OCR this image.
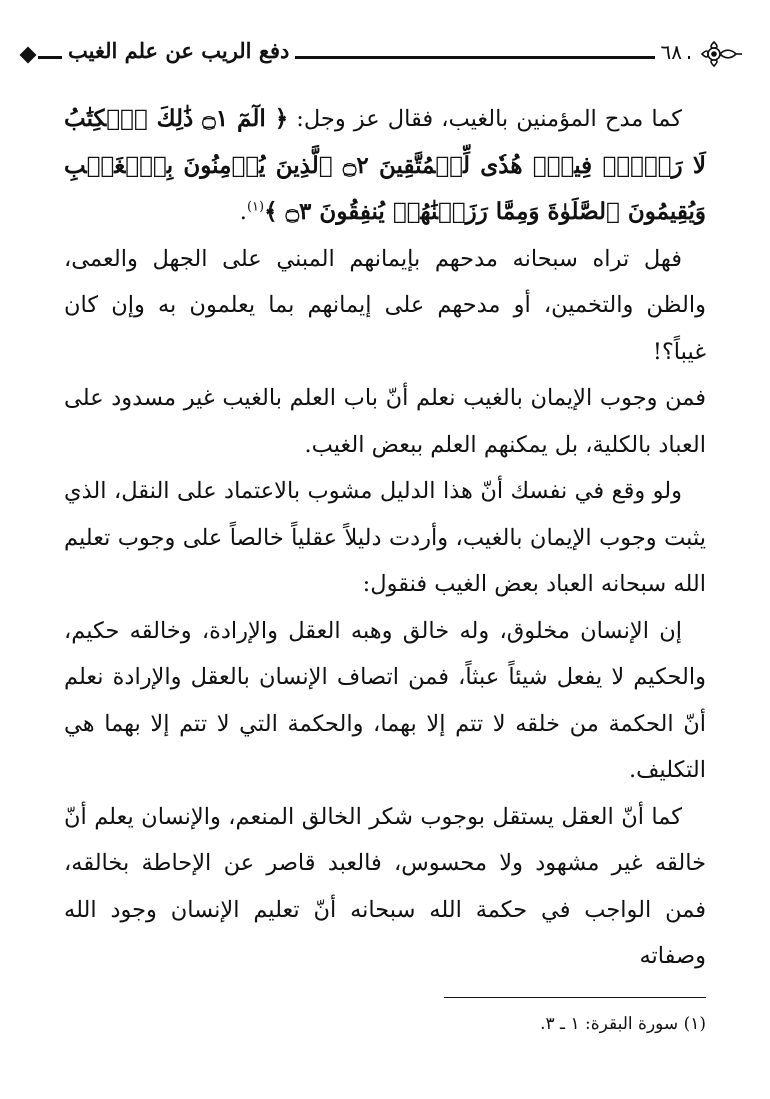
دفع الريب عن علم الغيب	٦٨

كما مدح المؤمنين بالغيب، فقال عز وجل: ﴿ الٓمٓ ۝١ ذَٰلِكَ ٱلۡكِتَٰبُ لَا رَيۡبَۛ فِيهِۛ هُدٗى لِّلۡمُتَّقِينَ ۝٢ ٱلَّذِينَ يُؤۡمِنُونَ بِٱلۡغَيۡبِ وَيُقِيمُونَ ٱلصَّلَوٰةَ وَمِمَّا رَزَقۡنَٰهُمۡ يُنفِقُونَ ۝٣ ﴾$^{(١)}$.

فهل تراه سبحانه مدحهم بإيمانهم المبني على الجهل والعمى، والظن والتخمين، أو مدحهم على إيمانهم بما يعلمون به وإن كان غيباً؟!

فمن وجوب الإيمان بالغيب نعلم أنّ باب العلم بالغيب غير مسدود على العباد بالكلية، بل يمكنهم العلم ببعض الغيب.

ولو وقع في نفسك أنّ هذا الدليل مشوب بالاعتماد على النقل، الذي يثبت وجوب الإيمان بالغيب، وأردت دليلاً عقلياً خالصاً على وجوب تعليم الله سبحانه العباد بعض الغيب فنقول:

إن الإنسان مخلوق، وله خالق وهبه العقل والإرادة، وخالقه حكيم، والحكيم لا يفعل شيئاً عبثاً، فمن اتصاف الإنسان بالعقل والإرادة نعلم أنّ الحكمة من خلقه لا تتم إلا بهما، والحكمة التي لا تتم إلا بهما هي التكليف.

كما أنّ العقل يستقل بوجوب شكر الخالق المنعم، والإنسان يعلم أنّ خالقه غير مشهود ولا محسوس، فالعبد قاصر عن الإحاطة بخالقه، فمن الواجب في حكمة الله سبحانه أنّ تعليم الإنسان وجود الله وصفاته

(١) سورة البقرة: ١ ـ ٣.
